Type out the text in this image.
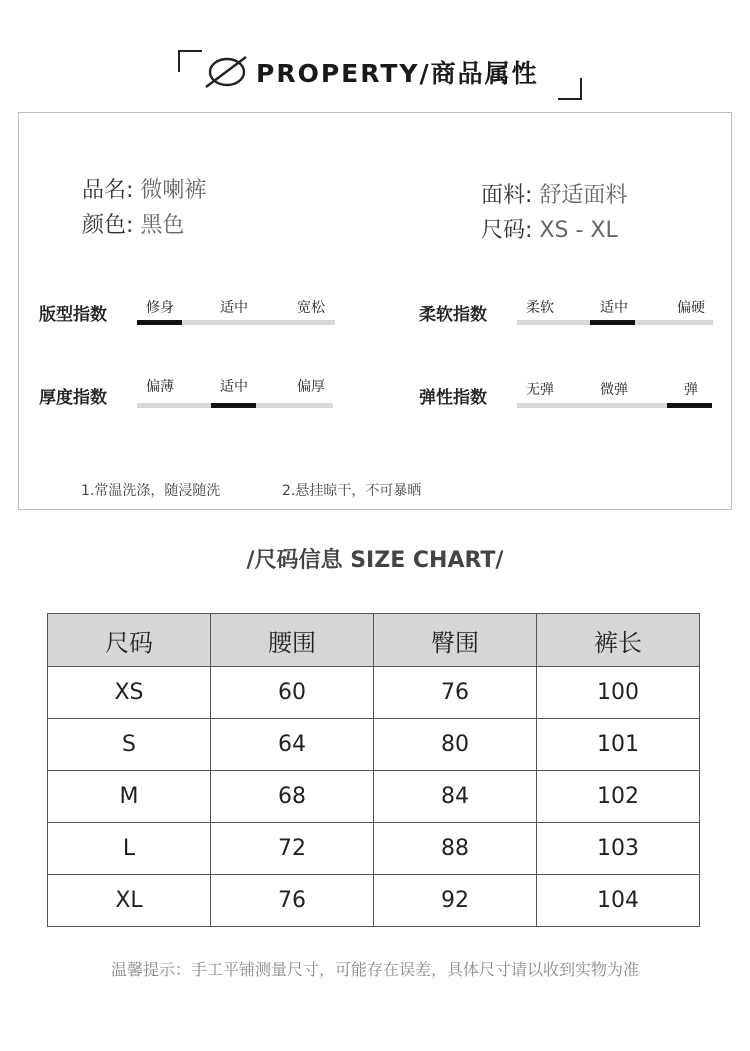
PROPERTY/商品属性
品名: 微喇裤
颜色: 黑色
面料: 舒适面料
尺码: XS - XL
版型指数	修身	适中	宽松	柔软指数	柔软	适中	偏硬
厚度指数
偏薄	适中	偏厚
弹性指数	无弹	微弹	弹
1.常温洗涤，随浸随洗	2.悬挂晾干，不可暴晒
/尺码信息 SIZE CHART/
尺码	腰围	臀围	裤长
XS	60	76	100
S	64	80	101
M	68	84	102
L	72	88	103
XL	76	92	104
温馨提示：手工平铺测量尺寸，可能存在误差，具体尺寸请以收到实物为准
